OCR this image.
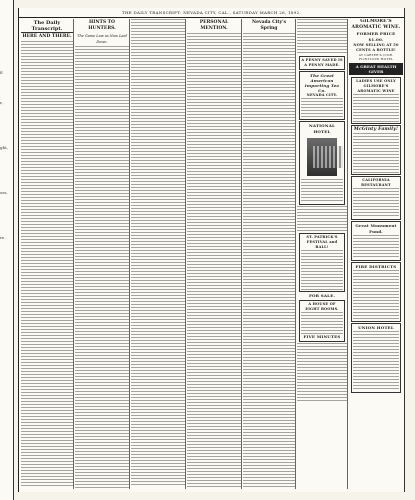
E
r,
ght,
ors,
re.
THE DAILY TRANSCRIPT: NEVADA CITY, CAL., SATURDAY MARCH 26, 1892.
The Daily Transcript.
HERE AND THERE.
HINTS TO HUNTERS.
The Game Law as Now Laid Down.
PERSONAL MENTION.
Nevada City's Spring
A PENNY SAVED IS A PENNY MADE.
The Great American Importing Tea Co.
NEVADA CITY.
NATIONAL HOTEL
ST. PATRICK'S FESTIVAL and BALL!
FOR SALE.
A HOUSE OF EIGHT ROOMS.
FIVE MINUTES
GILMORE'S AROMATIC WINE.
FORMER PRICE $1.00.
NOW SELLING AT 50 CENTS A BOTTLE!
AT CARTER'S (COR. FLINTLOCK HOTEL
A GREAT HEALTH GIVER
LADIES USE ONLY
GILMORE'S AROMATIC WINE
McGinty Family!
CALIFORNIA RESTAURANT
Great Monument Fund.
FIRE DISTRICTS
UNION HOTEL
